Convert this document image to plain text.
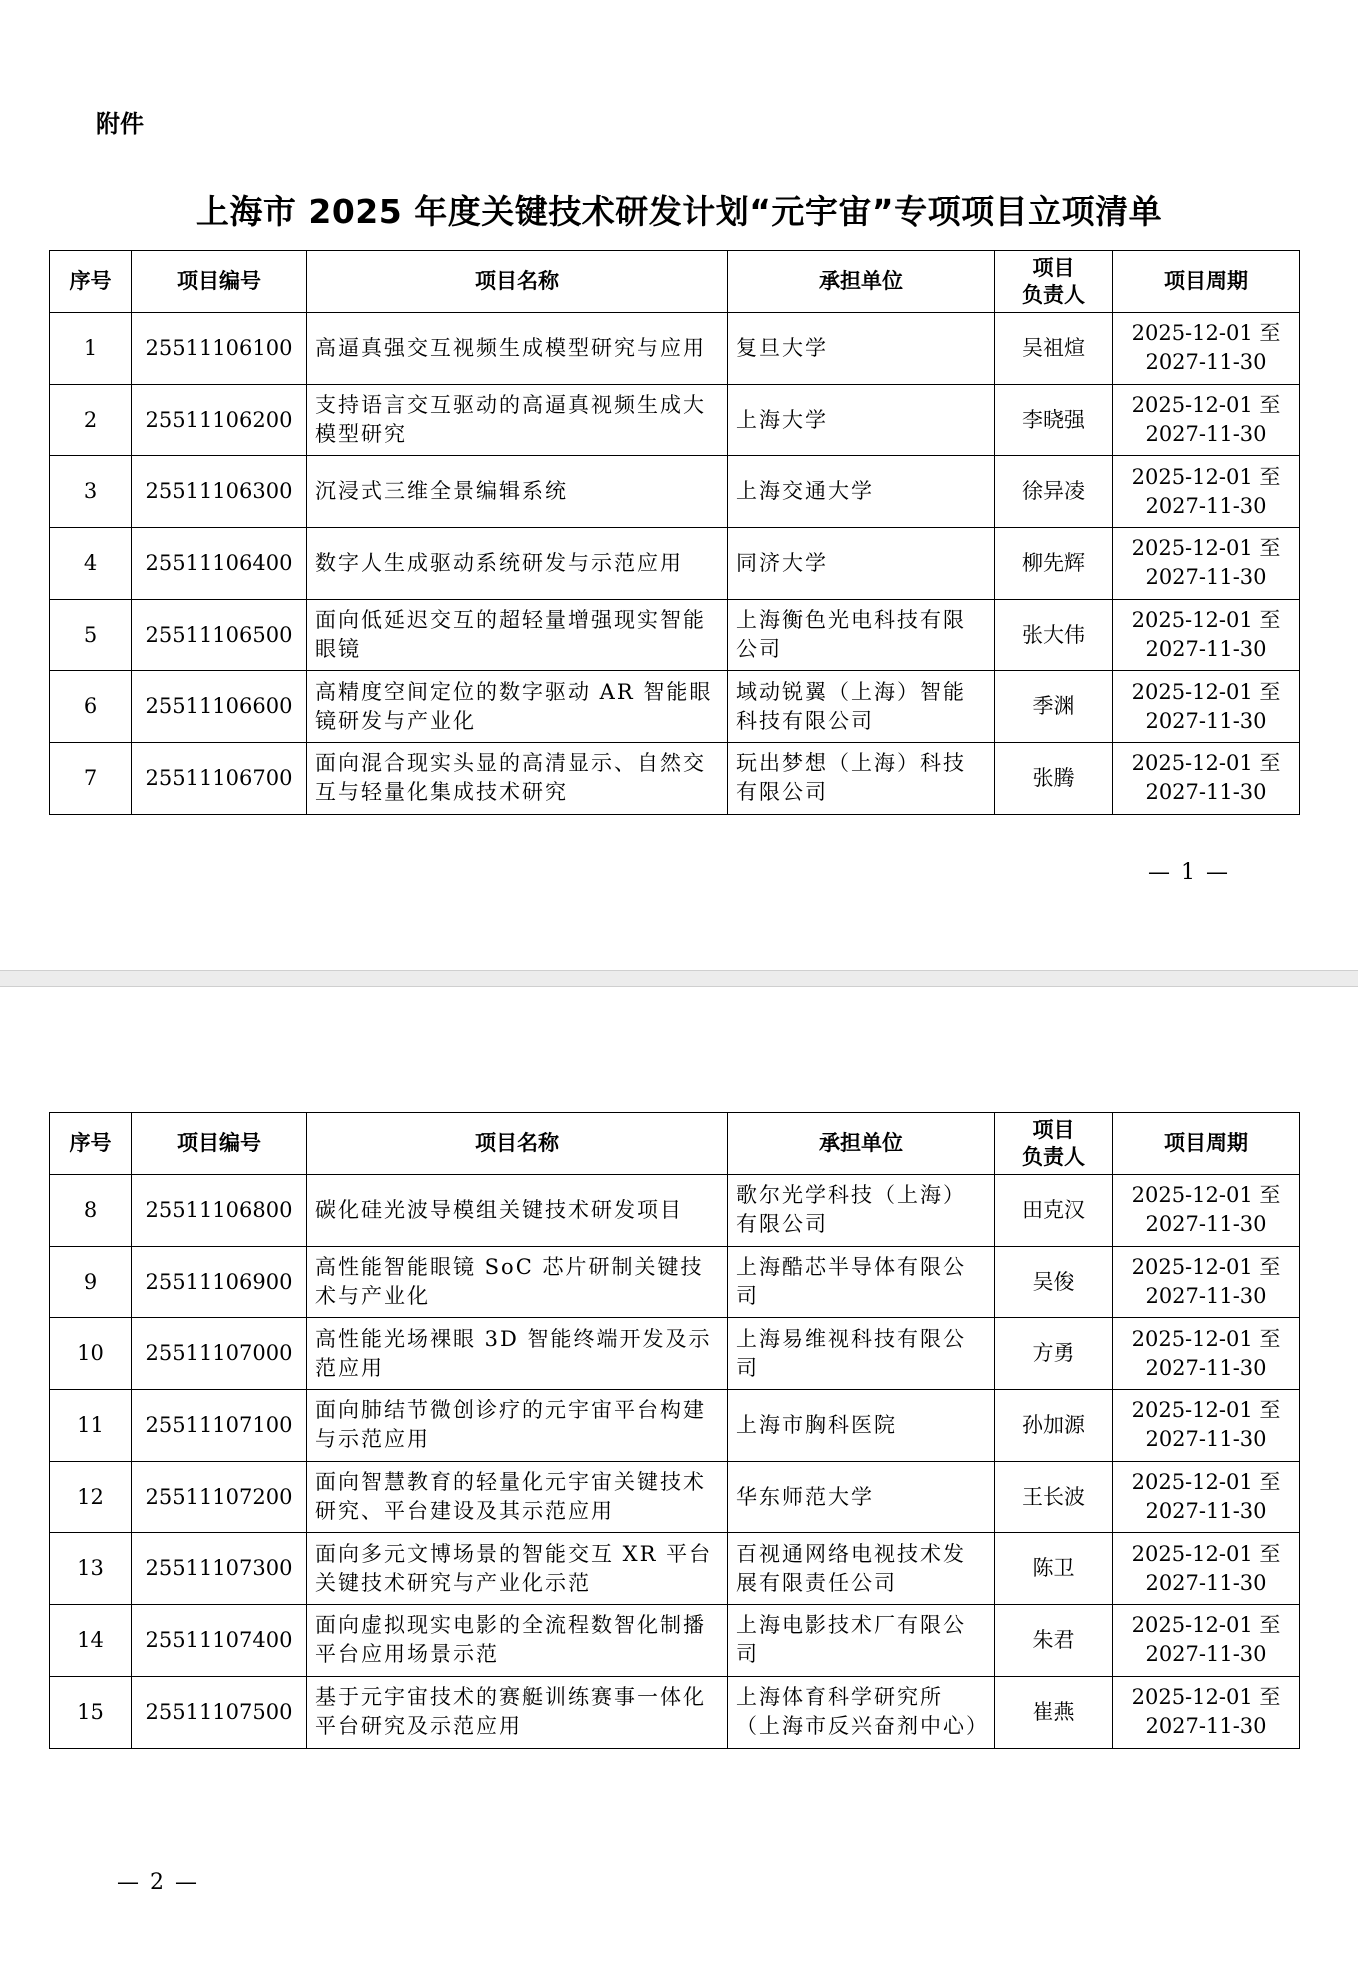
附件
上海市 2025 年度关键技术研发计划“元宇宙”专项项目立项清单
序号	项目编号	项目名称	承担单位	项目
负责人	项目周期
1	25511106100	高逼真强交互视频生成模型研究与应用	复旦大学	吴祖煊	2025-12-01 至
2027-11-30

2	25511106200	支持语言交互驱动的高逼真视频生成大模型研究	上海大学	李晓强	2025-12-01 至
2027-11-30

3	25511106300	沉浸式三维全景编辑系统	上海交通大学	徐异凌	2025-12-01 至
2027-11-30

4	25511106400	数字人生成驱动系统研发与示范应用	同济大学	柳先辉	2025-12-01 至
2027-11-30

5	25511106500	面向低延迟交互的超轻量增强现实智能眼镜	上海衡色光电科技有限公司	张大伟	2025-12-01 至
2027-11-30

6	25511106600	高精度空间定位的数字驱动 AR 智能眼镜研发与产业化	域动锐翼（上海）智能科技有限公司	季渊	2025-12-01 至
2027-11-30

7	25511106700	面向混合现实头显的高清显示、自然交互与轻量化集成技术研究	玩出梦想（上海）科技有限公司	张腾	2025-12-01 至
2027-11-30
— 1 —
序号	项目编号	项目名称	承担单位	项目
负责人	项目周期
8	25511106800	碳化硅光波导模组关键技术研发项目	歌尔光学科技（上海）有限公司	田克汉	2025-12-01 至
2027-11-30

9	25511106900	高性能智能眼镜 SoC 芯片研制关键技术与产业化	上海酷芯半导体有限公司	吴俊	2025-12-01 至
2027-11-30

10	25511107000	高性能光场裸眼 3D 智能终端开发及示范应用	上海易维视科技有限公司	方勇	2025-12-01 至
2027-11-30

11	25511107100	面向肺结节微创诊疗的元宇宙平台构建与示范应用	上海市胸科医院	孙加源	2025-12-01 至
2027-11-30

12	25511107200	面向智慧教育的轻量化元宇宙关键技术研究、平台建设及其示范应用	华东师范大学	王长波	2025-12-01 至
2027-11-30

13	25511107300	面向多元文博场景的智能交互 XR 平台关键技术研究与产业化示范	百视通网络电视技术发展有限责任公司	陈卫	2025-12-01 至
2027-11-30

14	25511107400	面向虚拟现实电影的全流程数智化制播平台应用场景示范	上海电影技术厂有限公司	朱君	2025-12-01 至
2027-11-30

15	25511107500	基于元宇宙技术的赛艇训练赛事一体化平台研究及示范应用	上海体育科学研究所（上海市反兴奋剂中心）	崔燕	2025-12-01 至
2027-11-30
— 2 —
